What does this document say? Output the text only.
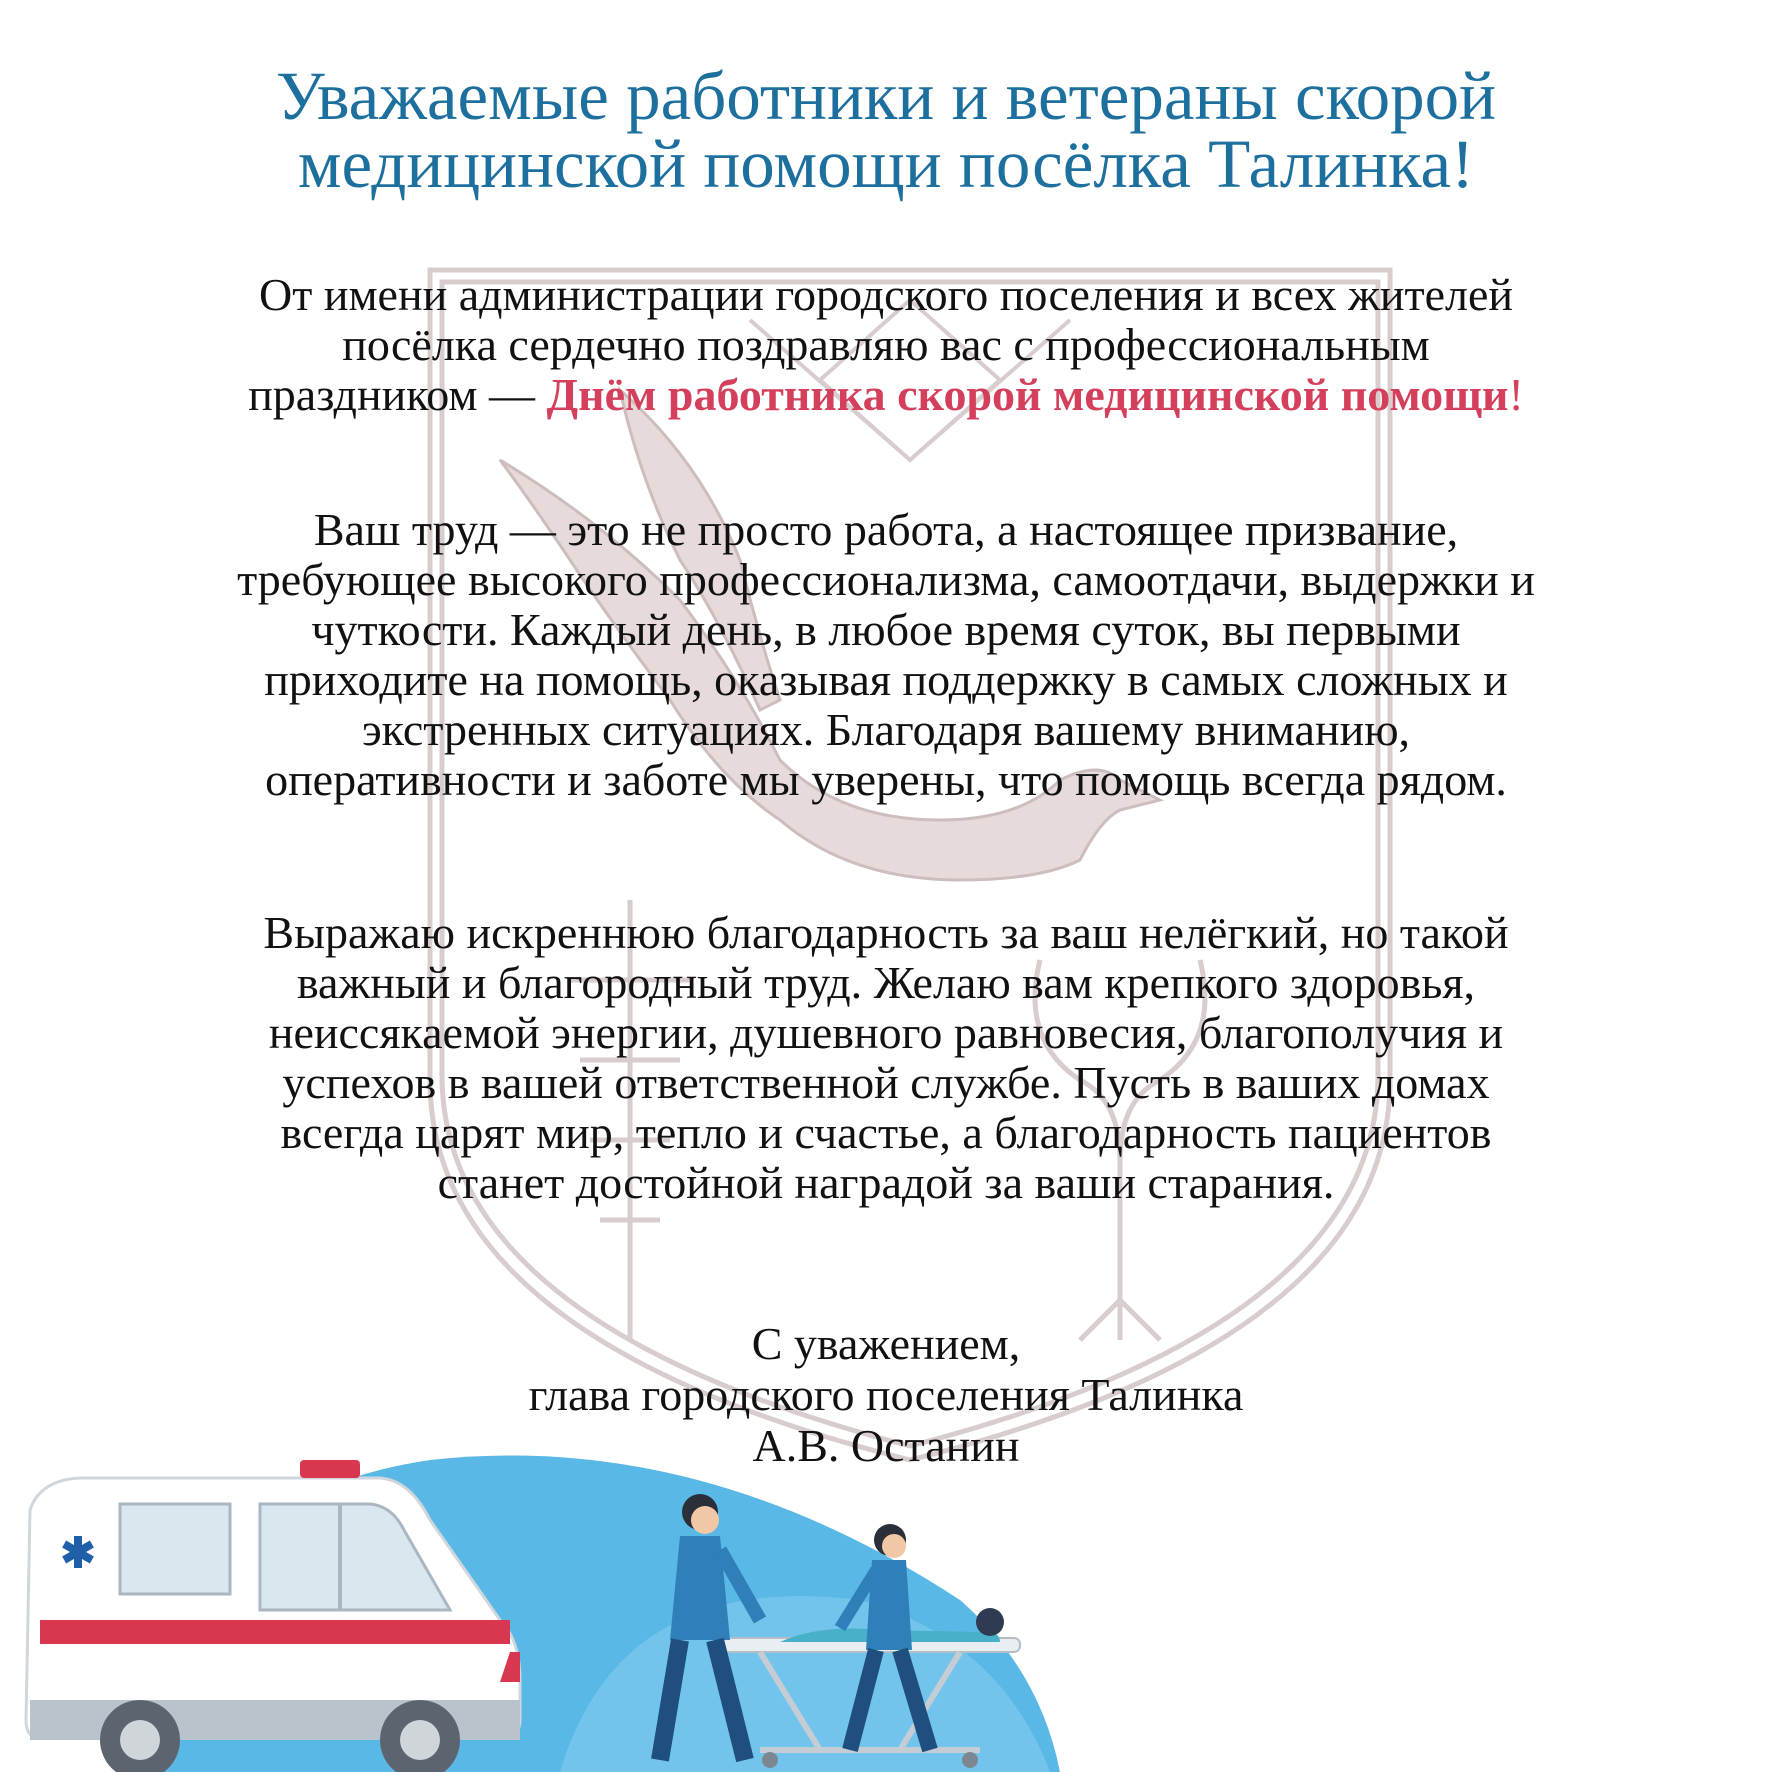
Уважаемые работники и ветераны скорой
медицинской помощи посёлка Талинка!

От имени администрации городского поселения и всех жителей
посёлка сердечно поздравляю вас с профессиональным
праздником — Днём работника скорой медицинской помощи!

Ваш труд — это не просто работа, а настоящее призвание,
требующее высокого профессионализма, самоотдачи, выдержки и
чуткости. Каждый день, в любое время суток, вы первыми
приходите на помощь, оказывая поддержку в самых сложных и
экстренных ситуациях. Благодаря вашему вниманию,
оперативности и заботе мы уверены, что помощь всегда рядом.

Выражаю искреннюю благодарность за ваш нелёгкий, но такой
важный и благородный труд. Желаю вам крепкого здоровья,
неиссякаемой энергии, душевного равновесия, благополучия и
успехов в вашей ответственной службе. Пусть в ваших домах
всегда царят мир, тепло и счастье, а благодарность пациентов
станет достойной наградой за ваши старания.

С уважением,
глава городского поселения Талинка
А.В. Останин
